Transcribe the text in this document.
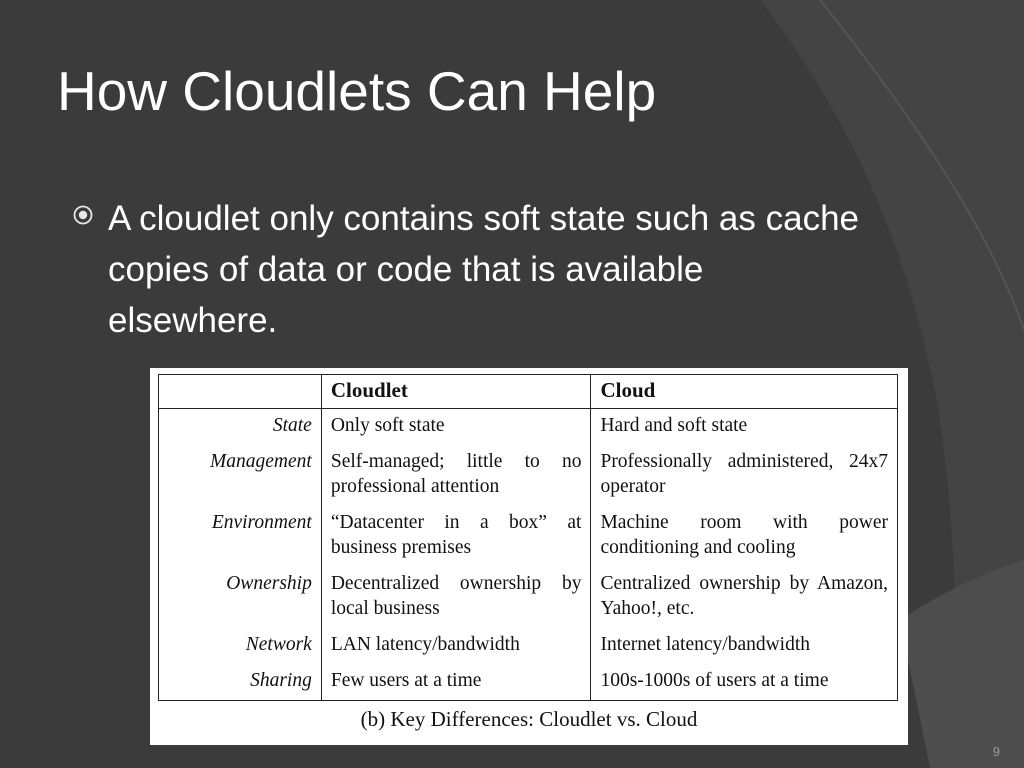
How Cloudlets Can Help
A cloudlet only contains soft state such as cache copies of data or code that is available elsewhere.
	Cloudlet	Cloud
State	Only soft state	Hard and soft state
Management	Self-managed; little to no professional attention	Professionally administered, 24x7 operator
Environment	“Datacenter in a box” at business premises	Machine room with power conditioning and cooling
Ownership	Decentralized ownership by local business	Centralized ownership by Amazon, Yahoo!, etc.
Network	LAN latency/bandwidth	Internet latency/bandwidth
Sharing	Few users at a time	100s-1000s of users at a time
(b) Key Differences: Cloudlet vs. Cloud
9
